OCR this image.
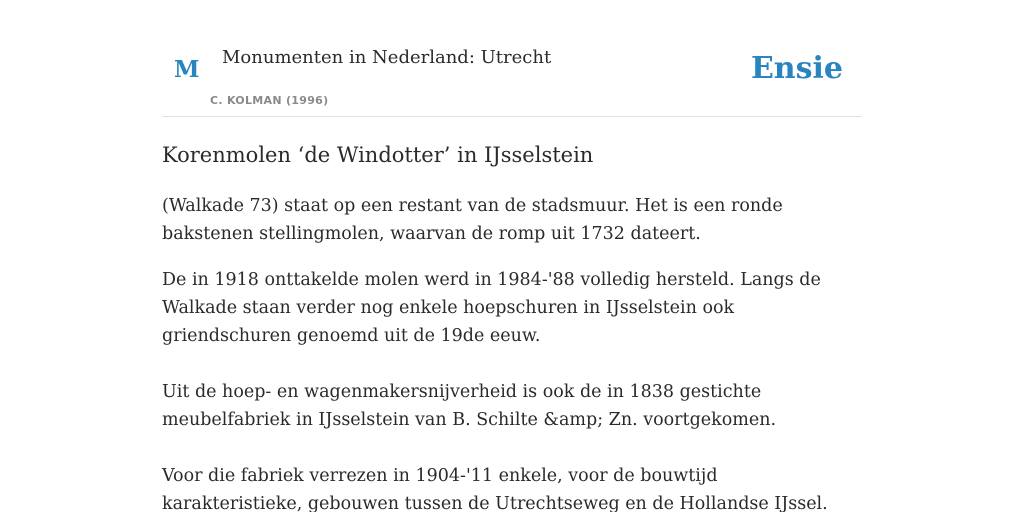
M Monumenten in Nederland: Utrecht
C. KOLMAN (1996)
Ensie
Korenmolen ‘de Windotter’ in IJsselstein

(Walkade 73) staat op een restant van de stadsmuur. Het is een ronde bakstenen stellingmolen, waarvan de romp uit 1732 dateert.

De in 1918 onttakelde molen werd in 1984-'88 volledig hersteld. Langs de Walkade staan verder nog enkele hoepschuren in IJsselstein ook griendschuren genoemd uit de 19de eeuw.

Uit de hoep- en wagenmakersnijverheid is ook de in 1838 gestichte meubelfabriek in IJsselstein van B. Schilte &amp; Zn. voortgekomen.

Voor die fabriek verrezen in 1904-'11 enkele, voor de bouwtijd karakteristieke, gebouwen tussen de Utrechtseweg en de Hollandse IJssel.
